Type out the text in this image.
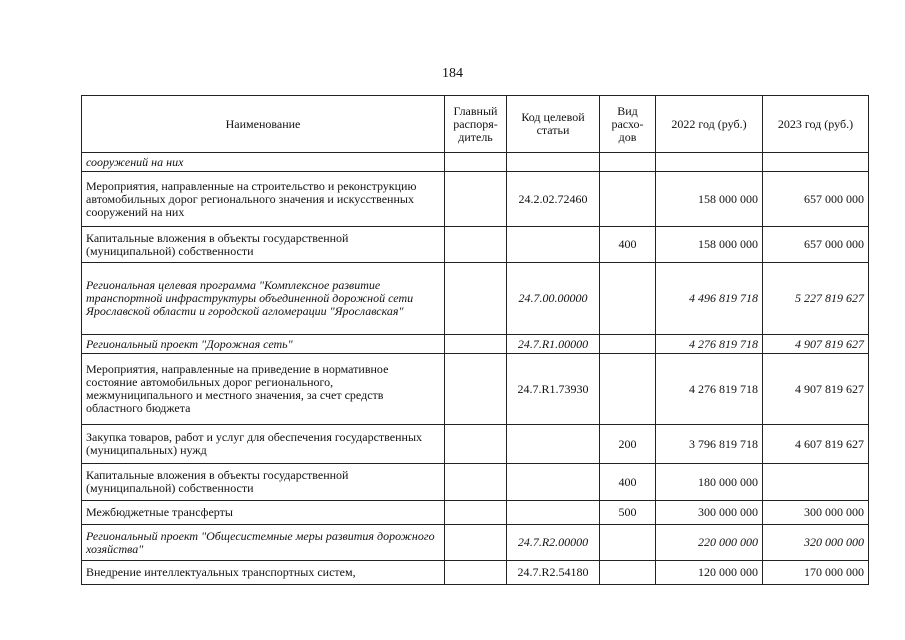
184
Наименование	Главный распоря-дитель	Код целевой статьи	Вид расхо-дов	2022 год (руб.)	2023 год (руб.)
сооружений на них					
Мероприятия, направленные на строительство и реконструкцию автомобильных дорог регионального значения и искусственных сооружений на них		24.2.02.72460		158 000 000	657 000 000
Капитальные вложения в объекты государственной (муниципальной) собственности			400	158 000 000	657 000 000
Региональная целевая программа "Комплексное развитие транспортной инфраструктуры объединенной дорожной сети Ярославской области и городской агломерации "Ярославская"		24.7.00.00000		4 496 819 718	5 227 819 627
Региональный проект "Дорожная сеть"		24.7.R1.00000		4 276 819 718	4 907 819 627
Мероприятия, направленные на приведение в нормативное состояние автомобильных дорог регионального, межмуниципального и местного значения, за счет средств областного бюджета		24.7.R1.73930		4 276 819 718	4 907 819 627
Закупка товаров, работ и услуг для обеспечения государственных (муниципальных) нужд			200	3 796 819 718	4 607 819 627
Капитальные вложения в объекты государственной (муниципальной) собственности			400	180 000 000	
Межбюджетные трансферты			500	300 000 000	300 000 000
Региональный проект "Общесистемные меры развития дорожного хозяйства"		24.7.R2.00000		220 000 000	320 000 000
Внедрение интеллектуальных транспортных систем,		24.7.R2.54180		120 000 000	170 000 000
